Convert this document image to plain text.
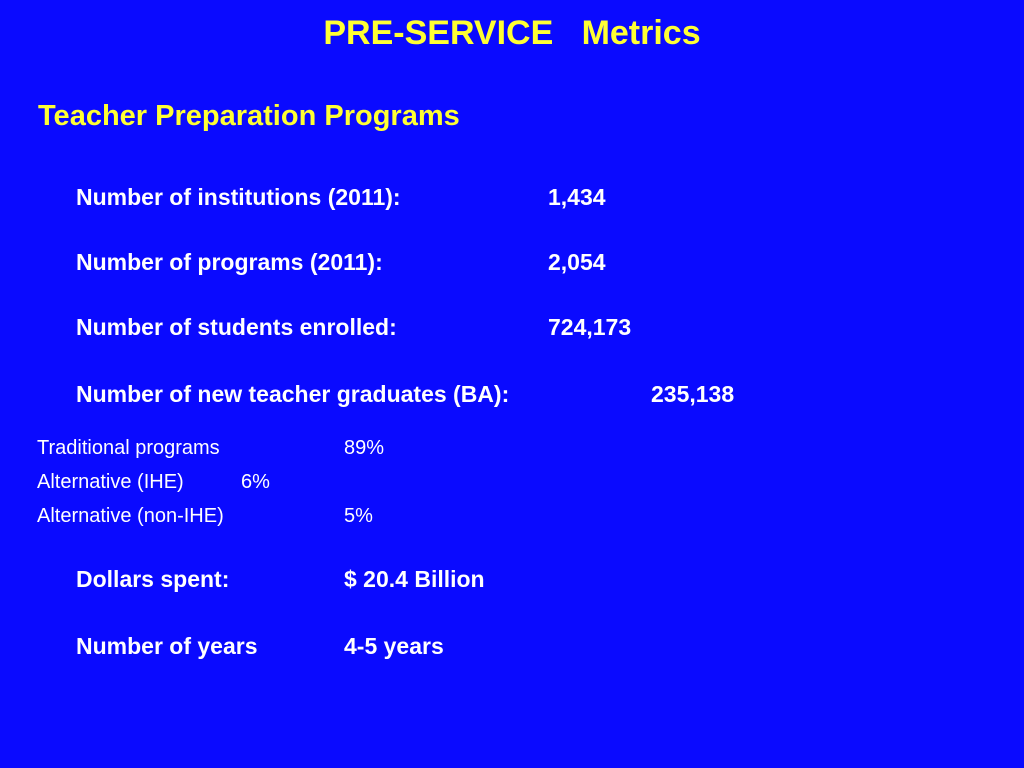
PRE-SERVICE   Metrics
Teacher Preparation Programs
Number of institutions (2011):	1,434
Number of programs (2011):	2,054
Number of students enrolled:	724,173
Number of new teacher graduates (BA):	235,138
Traditional programs	89%
Alternative (IHE)	6%
Alternative (non-IHE)	5%
Dollars spent:	$ 20.4 Billion
Number of years	4-5 years
